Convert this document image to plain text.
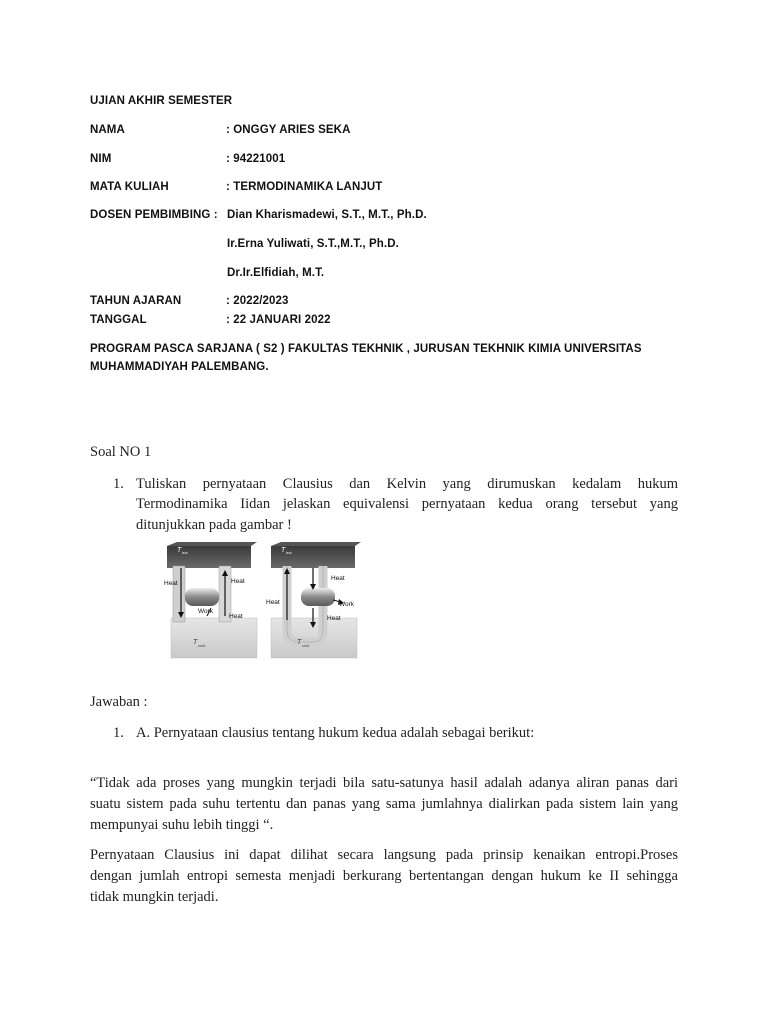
UJIAN AKHIR SEMESTER
NAMA	: ONGGY ARIES SEKA
NIM	: 94221001
MATA KULIAH	: TERMODINAMIKA LANJUT
DOSEN PEMBIMBING : Dian Kharismadewi, S.T., M.T., Ph.D.
Ir.Erna Yuliwati, S.T.,M.T., Ph.D.
Dr.Ir.Elfidiah, M.T.
TAHUN AJARAN	: 2022/2023
TANGGAL	: 22 JANUARI 2022
PROGRAM PASCA SARJANA ( S2 ) FAKULTAS TEKHNIK , JURUSAN TEKHNIK KIMIA UNIVERSITAS
MUHAMMADIYAH PALEMBANG.
Soal NO 1
1. Tuliskan pernyataan Clausius dan Kelvin yang dirumuskan kedalam hukum
Termodinamika Iidan jelaskan equivalensi pernyataan kedua orang tersebut yang
ditunjukkan pada gambar !
T hot
Heat	Heat
Work
Heat
T cold
T hot
Heat
Heat
Work
Heat
T cold
Jawaban :
1. A. Pernyataan clausius tentang hukum kedua adalah sebagai berikut:
“Tidak ada proses yang mungkin terjadi bila satu-satunya hasil adalah adanya aliran panas dari
suatu sistem pada suhu tertentu dan panas yang sama jumlahnya dialirkan pada sistem lain yang
mempunyai suhu lebih tinggi “.
Pernyataan Clausius ini dapat dilihat secara langsung pada prinsip kenaikan entropi.Proses
dengan jumlah entropi semesta menjadi berkurang bertentangan dengan hukum ke II sehingga
tidak mungkin terjadi.
